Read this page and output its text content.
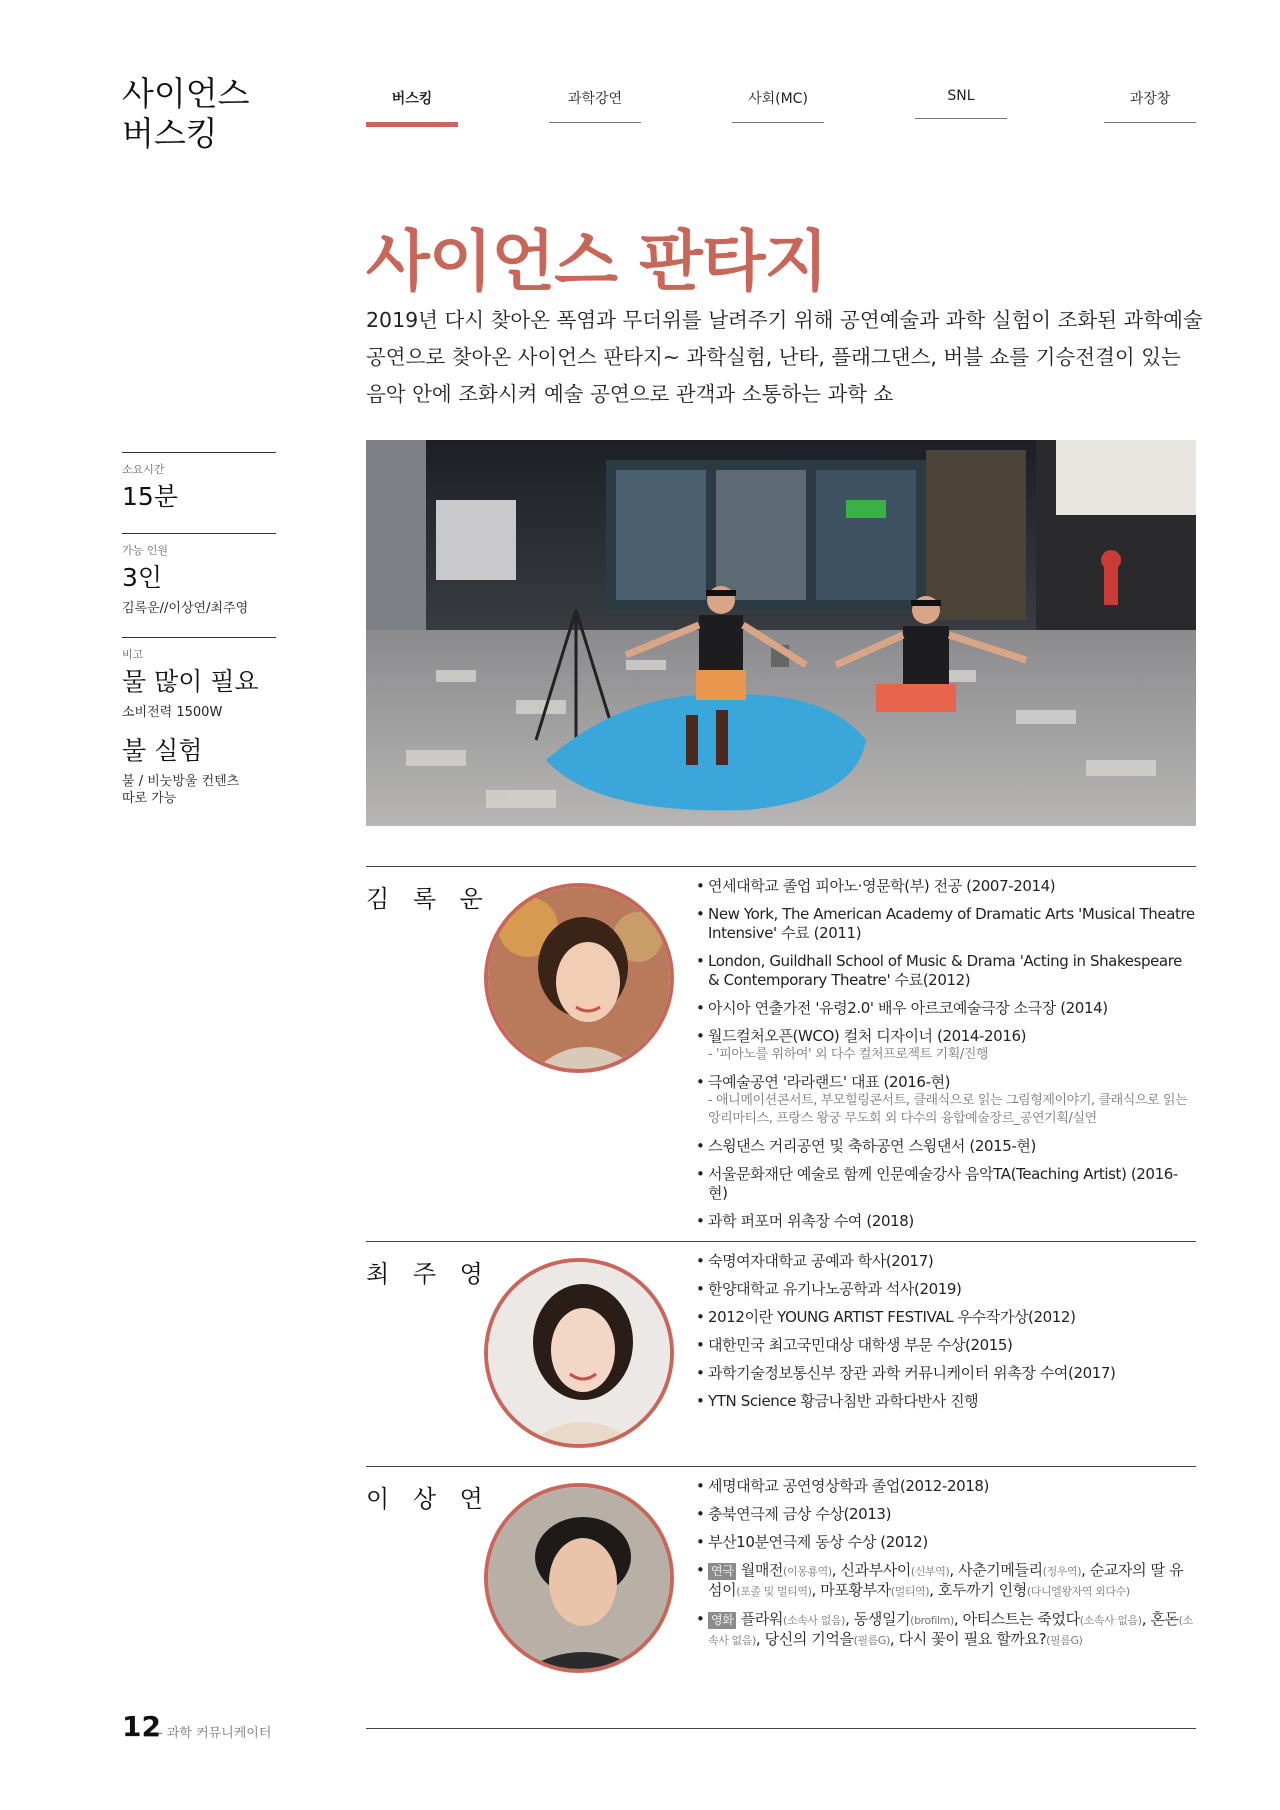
사이언스
버스킹
버스킹	과학강연	사회(MC)	SNL	과장창
사이언스 판타지

2019년 다시 찾아온 폭염과 무더위를 날려주기 위해 공연예술과 과학 실험이 조화된 과학예술

공연으로 찾아온 사이언스 판타지~ 과학실험, 난타, 플래그댄스, 버블 쇼를 기승전결이 있는

음악 안에 조화시켜 예술 공연으로 관객과 소통하는 과학 쇼

소요시간
15분
가능 인원
3인
김록운//이상연/최주영
비고
물 많이 필요
소비전력 1500W
불 실험
불 / 비눗방울 컨텐츠
따로 가능
김 록 운	• 연세대학교 졸업 피아노·영문학(부) 전공 (2007-2014)
• New York, The American Academy of Dramatic Arts 'Musical Theatre Intensive' 수료 (2011)
• London, Guildhall School of Music & Drama 'Acting in Shakespeare & Contemporary Theatre' 수료(2012)
• 아시아 연출가전 '유령2.0' 배우 아르코예술극장 소극장 (2014)
• 월드컬처오픈(WCO) 컬처 디자이너 (2014-2016)
- '피아노를 위하여' 외 다수 컬처프로젝트 기획/진행
• 극예술공연 '라라랜드' 대표 (2016-현)
- 애니메이션콘서트, 부모힐링콘서트, 클래식으로 읽는 그림형제이야기, 클래식으로 읽는 앙리마티스, 프랑스 왕궁 무도회 외 다수의 융합예술장르_공연기획/실연
• 스윙댄스 거리공연 및 축하공연 스윙댄서 (2015-현)
• 서울문화재단 예술로 함께 인문예술강사 음악TA(Teaching Artist) (2016-현)
• 과학 퍼포머 위촉장 수여 (2018)
최 주 영	• 숙명여자대학교 공예과 학사(2017)
• 한양대학교 유기나노공학과 석사(2019)
• 2012이란 YOUNG ARTIST FESTIVAL 우수작가상(2012)
• 대한민국 최고국민대상 대학생 부문 수상(2015)
• 과학기술정보통신부 장관 과학 커뮤니케이터 위촉장 수여(2017)
• YTN Science 황금나침반 과학다반사 진행
이 상 연	• 세명대학교 공연영상학과 졸업(2012-2018)
• 충북연극제 금상 수상(2013)
• 부산10분연극제 동상 수상 (2012)
• 연극 월매전(이몽룡역), 신과부사이(신부역), 사춘기메들리(정우역), 순교자의 딸 유섬이(포졸 및 멀티역), 마포황부자(멀티역), 호두까기 인형(다니엘왕자역 외다수)
• 영화 플라워(소속사 없음), 동생일기(brofilm), 아티스트는 죽었다(소속사 없음), 혼돈(소속사 없음), 당신의 기억을(필름G), 다시 꽃이 필요 할까요?(필름G)
12
- 과학 커뮤니케이터
